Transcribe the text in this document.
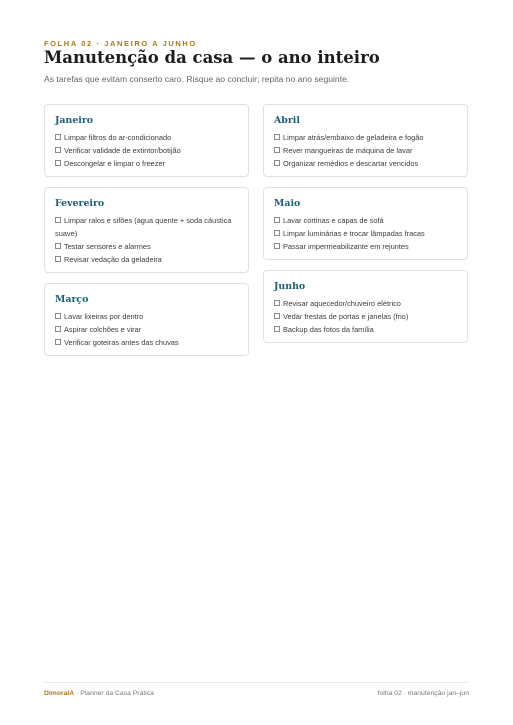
FOLHA 02 · JANEIRO A JUNHO
Manutenção da casa — o ano inteiro
As tarefas que evitam conserto caro. Risque ao concluir; repita no ano seguinte.
Janeiro
Limpar filtros do ar-condicionado
Verificar validade de extintor/botijão
Descongelar e limpar o freezer
Fevereiro
Limpar ralos e sifões (água quente + soda cáustica suave)
Testar sensores e alarmes
Revisar vedação da geladeira
Março
Lavar lixeiras por dentro
Aspirar colchões e virar
Verificar goteiras antes das chuvas
Abril
Limpar atrás/embaixo de geladeira e fogão
Rever mangueiras de máquina de lavar
Organizar remédios e descartar vencidos
Maio
Lavar cortinas e capas de sofá
Limpar luminárias e trocar lâmpadas fracas
Passar impermeabilizante em rejuntes
Junho
Revisar aquecedor/chuveiro elétrico
Vedar frestas de portas e janelas (frio)
Backup das fotos da família
DimoraIA · Planner da Casa Prática	folha 02 · manutenção jan–jun
